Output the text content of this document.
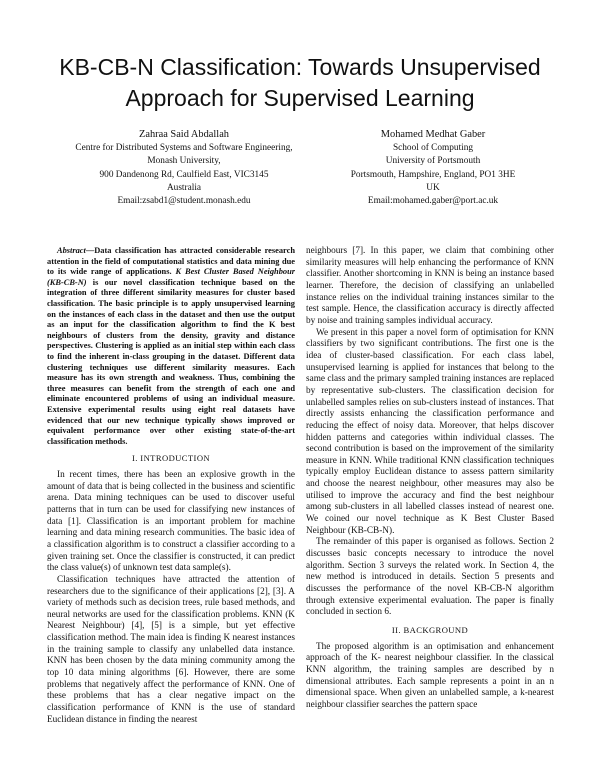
KB-CB-N Classification: Towards Unsupervised
Approach for Supervised Learning
Zahraa Said Abdallah
Centre for Distributed Systems and Software Engineering,
Monash University,
900 Dandenong Rd, Caulfield East, VIC3145
Australia
Email:zsabd1@student.monash.edu
Mohamed Medhat Gaber
School of Computing
University of Portsmouth
Portsmouth, Hampshire, England, PO1 3HE
UK
Email:mohamed.gaber@port.ac.uk

Abstract—Data classification has attracted considerable research attention in the field of computational statistics and data mining due to its wide range of applications. K Best Cluster Based Neighbour (KB-CB-N) is our novel classification technique based on the integration of three different similarity measures for cluster based classification. The basic principle is to apply unsupervised learning on the instances of each class in the dataset and then use the output as an input for the classification algorithm to find the K best neighbours of clusters from the density, gravity and distance perspectives. Clustering is applied as an initial step within each class to find the inherent in-class grouping in the dataset. Different data clustering techniques use different similarity measures. Each measure has its own strength and weakness. Thus, combining the three measures can benefit from the strength of each one and eliminate encountered problems of using an individual measure. Extensive experimental results using eight real datasets have evidenced that our new technique typically shows improved or equivalent performance over other existing state-of-the-art classification methods.

I. INTRODUCTION

In recent times, there has been an explosive growth in the amount of data that is being collected in the business and scientific arena. Data mining techniques can be used to discover useful patterns that in turn can be used for classifying new instances of data [1]. Classification is an important problem for machine learning and data mining research communities. The basic idea of a classification algorithm is to construct a classifier according to a given training set. Once the classifier is constructed, it can predict the class value(s) of unknown test data sample(s).

Classification techniques have attracted the attention of researchers due to the significance of their applications [2], [3]. A variety of methods such as decision trees, rule based methods, and neural networks are used for the classification problems. KNN (K Nearest Neighbour) [4], [5] is a simple, but yet effective classification method. The main idea is finding K nearest instances in the training sample to classify any unlabelled data instance. KNN has been chosen by the data mining community among the top 10 data mining algorithms [6]. However, there are some problems that negatively affect the performance of KNN. One of these problems that has a clear negative impact on the classification performance of KNN is the use of standard Euclidean distance in finding the nearest

neighbours [7]. In this paper, we claim that combining other similarity measures will help enhancing the performance of KNN classifier. Another shortcoming in KNN is being an instance based learner. Therefore, the decision of classifying an unlabelled instance relies on the individual training instances similar to the test sample. Hence, the classification accuracy is directly affected by noise and training samples individual accuracy.

We present in this paper a novel form of optimisation for KNN classifiers by two significant contributions. The first one is the idea of cluster-based classification. For each class label, unsupervised learning is applied for instances that belong to the same class and the primary sampled training instances are replaced by representative sub-clusters. The classification decision for unlabelled samples relies on sub-clusters instead of instances. That directly assists enhancing the classification performance and reducing the effect of noisy data. Moreover, that helps discover hidden patterns and categories within individual classes. The second contribution is based on the improvement of the similarity measure in KNN. While traditional KNN classification techniques typically employ Euclidean distance to assess pattern similarity and choose the nearest neighbour, other measures may also be utilised to improve the accuracy and find the best neighbour among sub-clusters in all labelled classes instead of nearest one. We coined our novel technique as K Best Cluster Based Neighbour (KB-CB-N).

The remainder of this paper is organised as follows. Section 2 discusses basic concepts necessary to introduce the novel algorithm. Section 3 surveys the related work. In Section 4, the new method is introduced in details. Section 5 presents and discusses the performance of the novel KB-CB-N algorithm through extensive experimental evaluation. The paper is finally concluded in section 6.

II. BACKGROUND

The proposed algorithm is an optimisation and enhancement approach of the K- nearest neighbour classifier. In the classical KNN algorithm, the training samples are described by n dimensional attributes. Each sample represents a point in an n dimensional space. When given an unlabelled sample, a k-nearest neighbour classifier searches the pattern space
